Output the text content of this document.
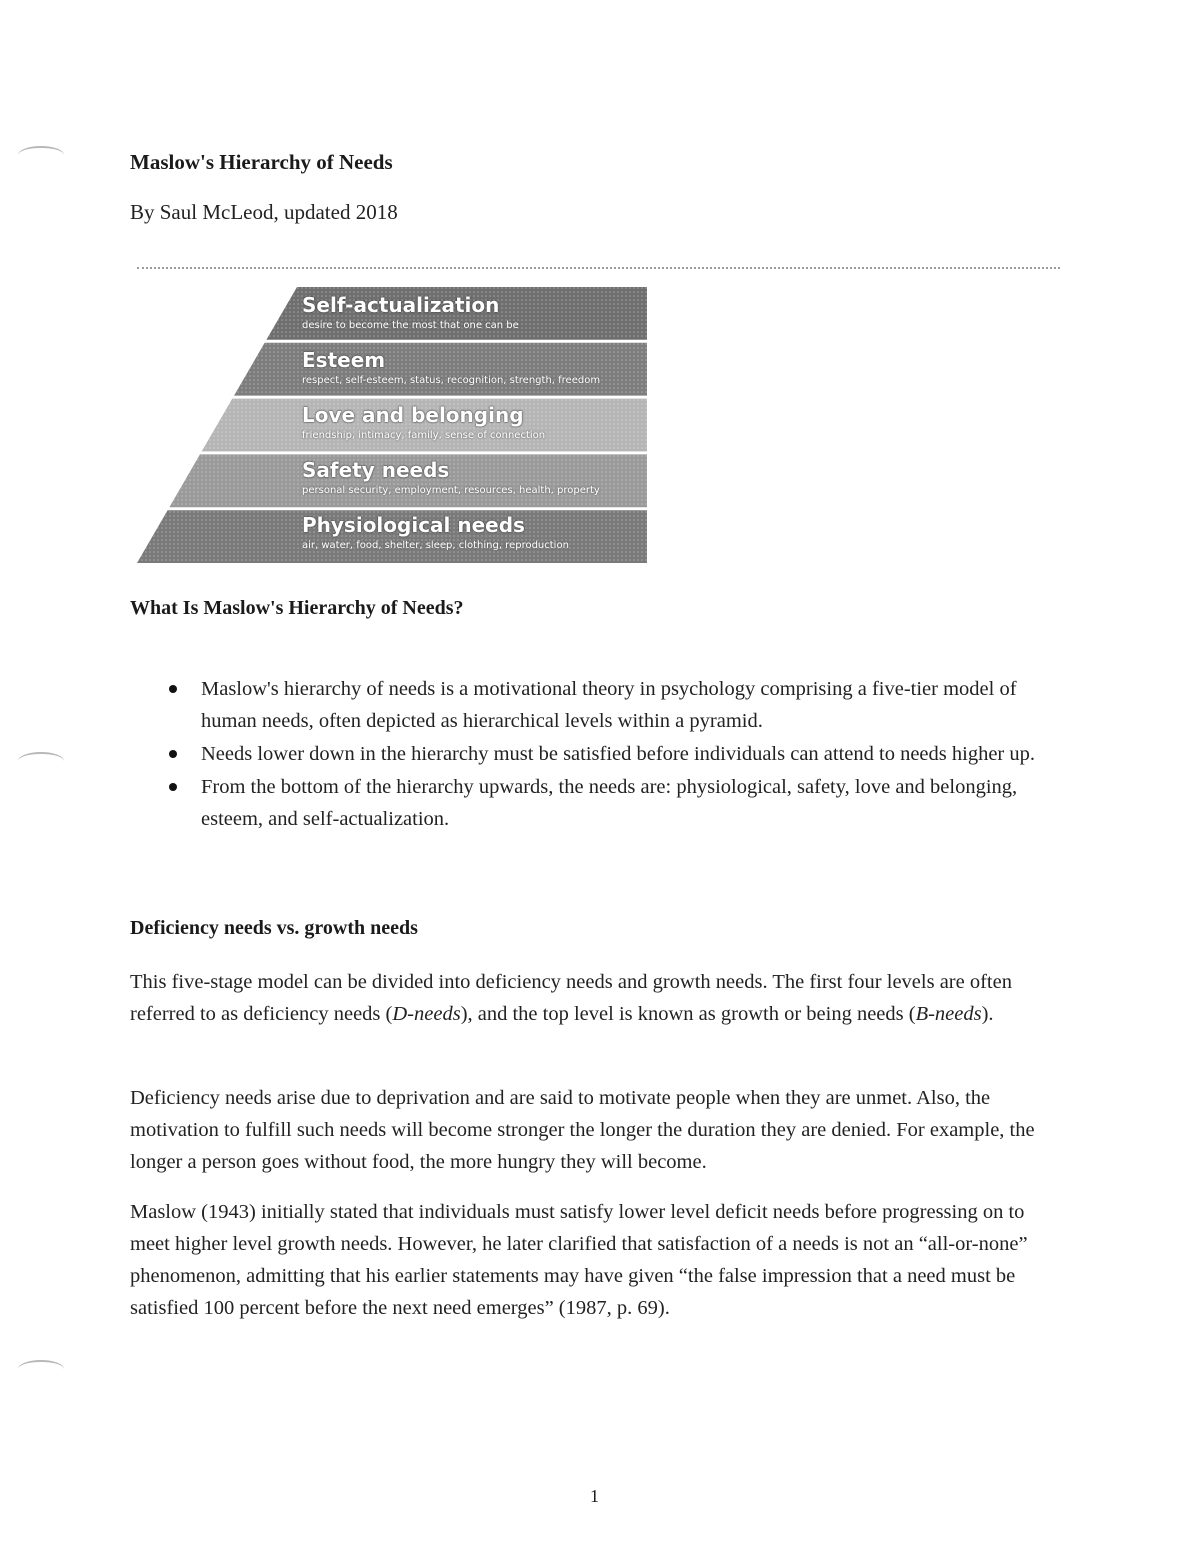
Maslow's Hierarchy of Needs

By Saul McLeod, updated 2018

Self-actualization
desire to become the most that one can be
Esteem
respect, self-esteem, status, recognition, strength, freedom
Love and belonging
friendship, intimacy, family, sense of connection
Safety needs
personal security, employment, resources, health, property
Physiological needs
air, water, food, shelter, sleep, clothing, reproduction
What Is Maslow's Hierarchy of Needs?
Maslow's hierarchy of needs is a motivational theory in psychology comprising a five-tier model of human needs, often depicted as hierarchical levels within a pyramid.
Needs lower down in the hierarchy must be satisfied before individuals can attend to needs higher up.
From the bottom of the hierarchy upwards, the needs are: physiological, safety, love and belonging, esteem, and self-actualization.
Deficiency needs vs. growth needs

This five-stage model can be divided into deficiency needs and growth needs. The first four levels are often referred to as deficiency needs (D-needs), and the top level is known as growth or being needs (B-needs).

Deficiency needs arise due to deprivation and are said to motivate people when they are unmet. Also, the motivation to fulfill such needs will become stronger the longer the duration they are denied. For example, the longer a person goes without food, the more hungry they will become.

Maslow (1943) initially stated that individuals must satisfy lower level deficit needs before progressing on to meet higher level growth needs. However, he later clarified that satisfaction of a needs is not an “all-or-none” phenomenon, admitting that his earlier statements may have given “the false impression that a need must be satisfied 100 percent before the next need emerges” (1987, p. 69).

1
